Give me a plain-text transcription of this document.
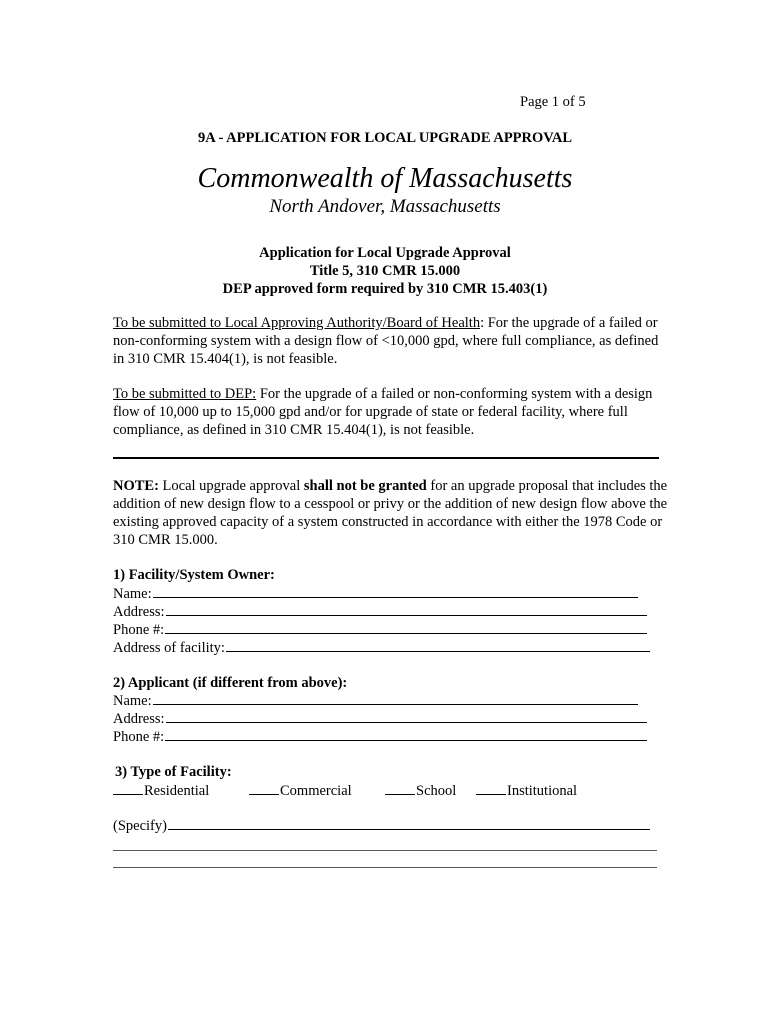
Page 1 of 5
9A - APPLICATION FOR LOCAL UPGRADE APPROVAL
Commonwealth of Massachusetts
North Andover, Massachusetts
Application for Local Upgrade Approval
Title 5, 310 CMR 15.000
DEP approved form required by 310 CMR 15.403(1)
To be submitted to Local Approving Authority/Board of Health: For the upgrade of a failed or non-conforming system with a design flow of <10,000 gpd, where full compliance, as defined in 310 CMR 15.404(1), is not feasible.
To be submitted to DEP: For the upgrade of a failed or non-conforming system with a design flow of 10,000 up to 15,000 gpd and/or for upgrade of state or federal facility, where full compliance, as defined in 310 CMR 15.404(1), is not feasible.
NOTE: Local upgrade approval shall not be granted for an upgrade proposal that includes the addition of new design flow to a cesspool or privy or the addition of new design flow above the existing approved capacity of a system constructed in accordance with either the 1978 Code or 310 CMR 15.000.
1) Facility/System Owner:
Name:
Address:
Phone #:
Address of facility:
2) Applicant (if different from above):
Name:
Address:
Phone #:
3) Type of Facility:
Residential	Commercial	School	Institutional
(Specify)
